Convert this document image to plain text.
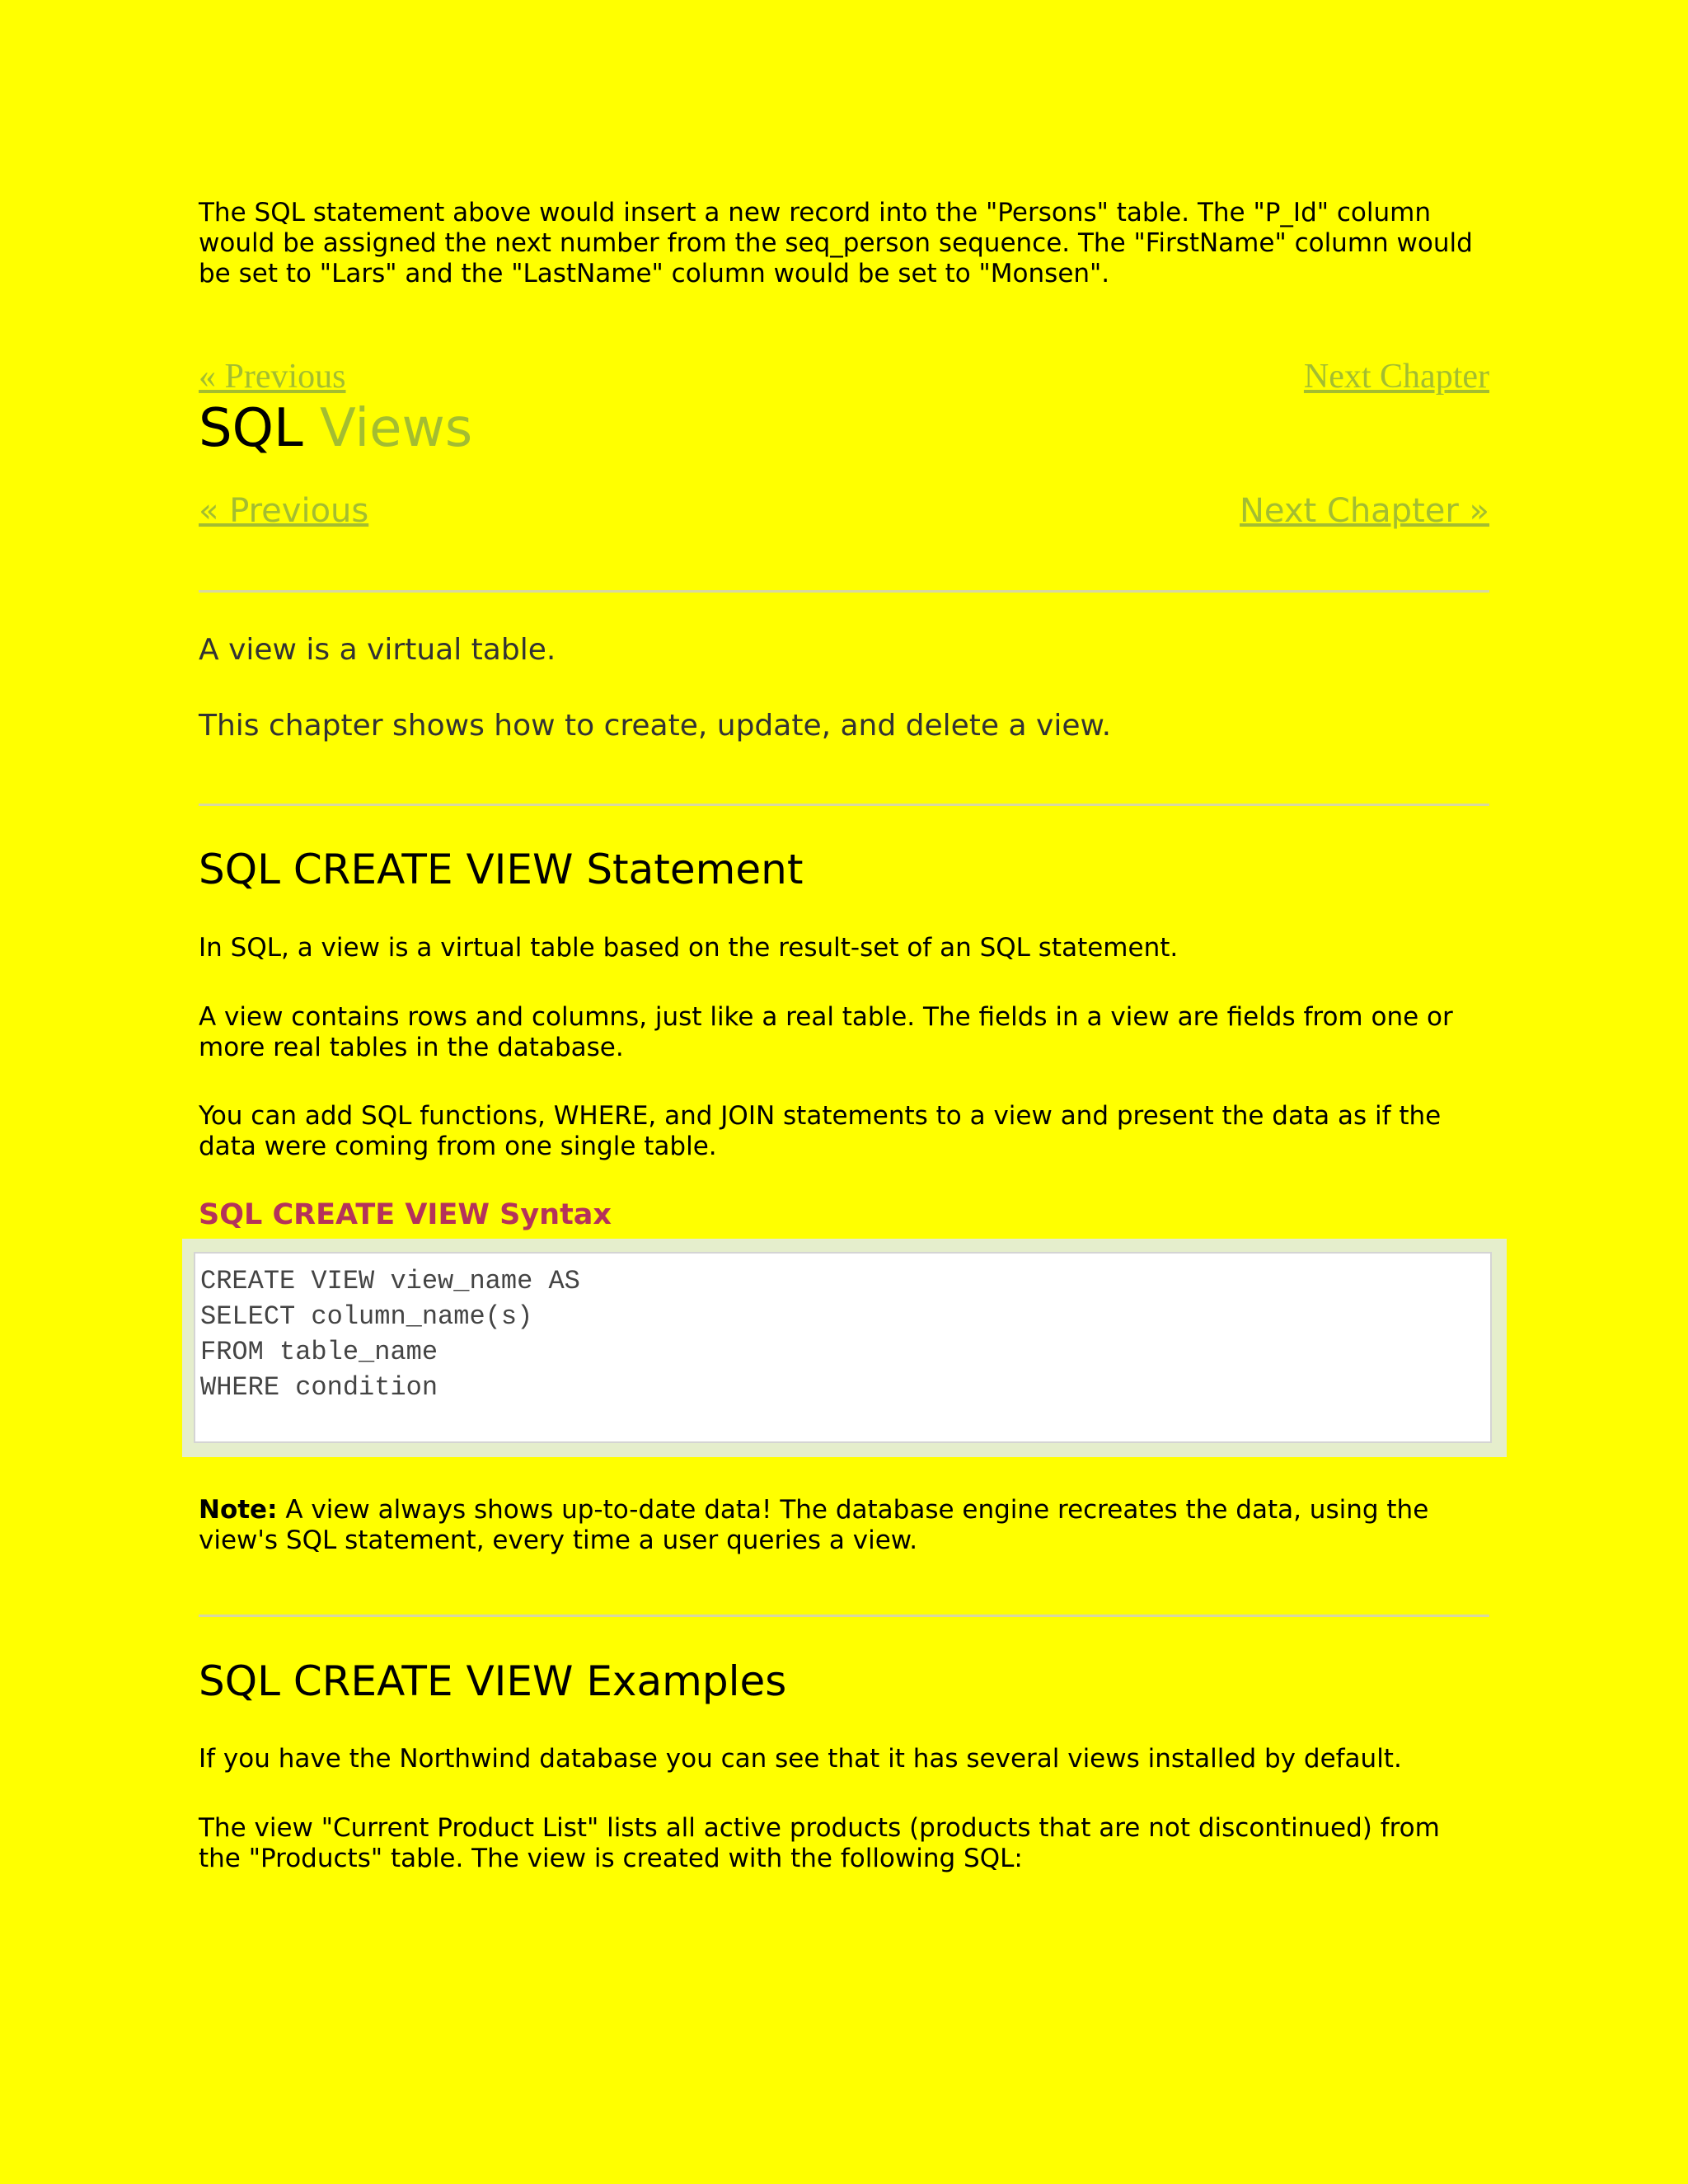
The SQL statement above would insert a new record into the "Persons" table. The "P_Id" column would be assigned the next number from the seq_person sequence. The "FirstName" column would be set to "Lars" and the "LastName" column would be set to "Monsen".

« Previous	Next Chapter
SQL Views
« Previous	Next Chapter »

A view is a virtual table.

This chapter shows how to create, update, and delete a view.

SQL CREATE VIEW Statement

In SQL, a view is a virtual table based on the result-set of an SQL statement.

A view contains rows and columns, just like a real table. The fields in a view are fields from one or more real tables in the database.

You can add SQL functions, WHERE, and JOIN statements to a view and present the data as if the data were coming from one single table.

SQL CREATE VIEW Syntax
CREATE VIEW view_name AS
SELECT column_name(s)
FROM table_name
WHERE condition

Note: A view always shows up-to-date data! The database engine recreates the data, using the view's SQL statement, every time a user queries a view.

SQL CREATE VIEW Examples

If you have the Northwind database you can see that it has several views installed by default.

The view "Current Product List" lists all active products (products that are not discontinued) from the "Products" table. The view is created with the following SQL:
